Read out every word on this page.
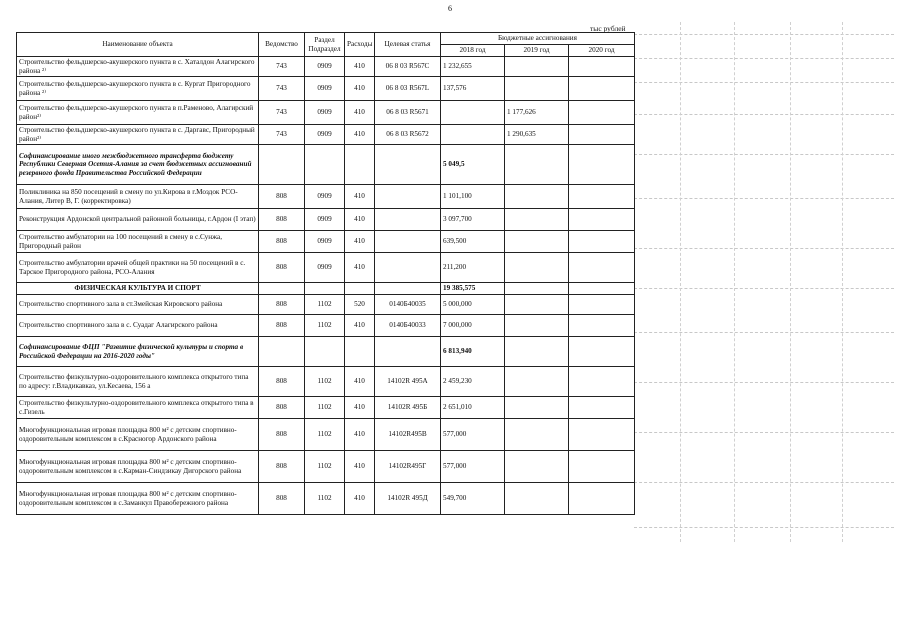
6
тыс рублей
Наименование объекта	Ведомство	Раздел Подраздел	Расходы	Целевая статья	Бюджетные ассигнования		
					2018 год	2019 год	2020 год
Строительство фельдшерско-акушерского пункта в с. Хаталдон Алагирского района ²⁾	743	0909	410	06 8 03 R567C	1 232,655		
Строительство фельдшерско-акушерского пункта в с. Кургат Пригородного района ²⁾	743	0909	410	06 8 03 R567L	137,576		
Строительство фельдшерско-акушерского пункта в п.Раменово, Алагирский район²⁾	743	0909	410	06 8 03 R5671		1 177,626	
Строительство фельдшерско-акушерского пункта в с. Даргавс, Пригородный район²⁾	743	0909	410	06 8 03 R5672		1 290,635	
Софинансирование иного межбюджетного трансферта бюджету Республики Северная Осетия-Алания за счет бюджетных ассигнований резервного фонда Правительства Российской Федерации					5 049,5		
Поликлиника на 850 посещений в смену по ул.Кирова в г.Моздок РСО-Алания, Литер В, Г. (корректировка)	808	0909	410		1 101,100		
Реконструкция Ардонской центральной районной больницы, г.Ардон (I этап)	808	0909	410		3 097,700		
Строительство амбулатории на 100 посещений в смену в с.Сунжа, Пригородный район	808	0909	410		639,500		
Строительство амбулатории врачей общей практики на 50 посещений в с. Тарское Пригородного района, РСО-Алания	808	0909	410		211,200		
ФИЗИЧЕСКАЯ КУЛЬТУРА И СПОРТ					19 385,575		
Строительство спортивного зала в ст.Змейская Кировского района	808	1102	520	0140Б40035	5 000,000		
Строительство спортивного зала в с. Суадаг Алагирского района	808	1102	410	0140Б40033	7 000,000		
Софинансирование ФЦП "Развитие физической культуры и спорта в Российской Федерации на 2016-2020 годы"					6 813,940		
Строительство физкультурно-оздоровительного комплекса открытого типа по адресу: г.Владикавказ, ул.Кесаева, 156 а	808	1102	410	14102R 495А	2 459,230		
Строительство физкультурно-оздоровительного комплекса открытого типа в с.Гизель	808	1102	410	14102R 495Б	2 651,010		
Многофункциональная игровая площадка 800 м² с детским спортивно-оздоровительным комплексом в с.Красногор Ардонского района	808	1102	410	14102R495В	577,000		
Многофункциональная игровая площадка 800 м² с детским спортивно-оздоровительным комплексом в с.Карман-Синдзикау Дигорского района	808	1102	410	14102R495Г	577,000		
Многофункциональная игровая площадка 800 м² с детским спортивно-оздоровительным комплексом в с.Заманкул Правобережного района	808	1102	410	14102R 495Д	549,700		
